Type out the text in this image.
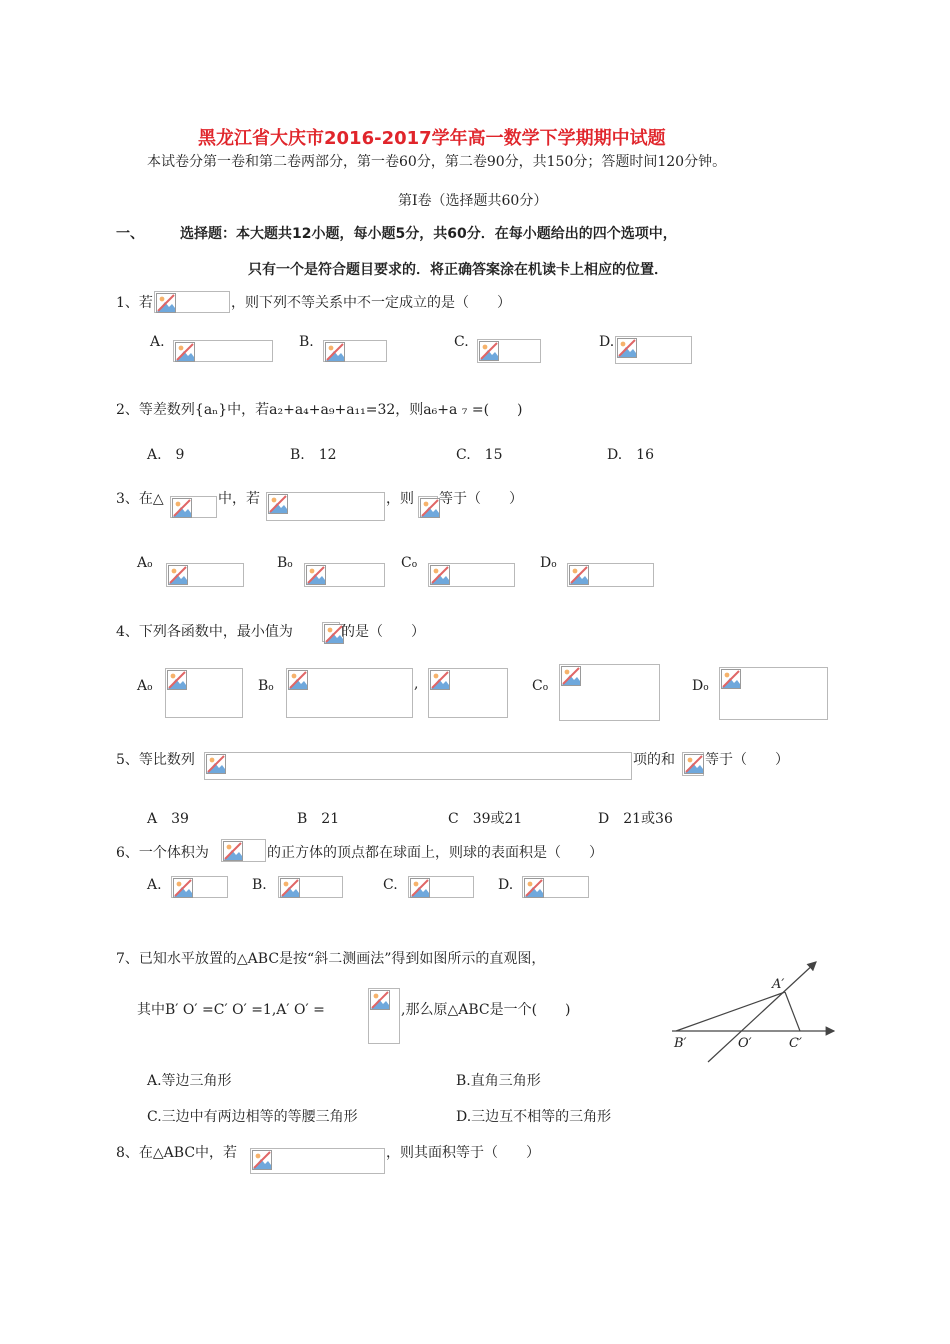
黑龙江省大庆市2016-2017学年高一数学下学期期中试题
本试卷分第一卷和第二卷两部分，第一卷60分，第二卷90分，共150分；答题时间120分钟。
第Ⅰ卷（选择题共60分）
一、	选择题：本大题共12小题，每小题5分，共60分．在每小题给出的四个选项中，
只有一个是符合题目要求的．将正确答案涂在机读卡上相应的位置．
1、若	，则下列不等关系中不一定成立的是（　　）
A.	B.	C.	D.
2、等差数列{aₙ}中，若a₂+a₄+a₉+a₁₁=32，则a₆+a ₇ =(　　)
A.　9	B.　12	C.　15	D.　16
3、在△	中，若	，则 等于（　　）
Ao	Bo	Co	Do
4、下列各函数中，最小值为	的是（　　）
Ao	Bo	,	Co	Do
5、等比数列	项的和 等于（　　）
A　39	B　21	C　39或21	D　21或36
6、一个体积为	的正方体的顶点都在球面上，则球的表面积是（　　）
A.	B.	C.	D.
7、已知水平放置的△ABC是按“斜二测画法”得到如图所示的直观图，
其中B′ O′ =C′ O′ =1,A′ O′ =	,那么原△ABC是一个(　　)
A′
B′	O′	C′
A.等边三角形	B.直角三角形
C.三边中有两边相等的等腰三角形	D.三边互不相等的三角形
8、在△ABC中，若	，则其面积等于（　　）
